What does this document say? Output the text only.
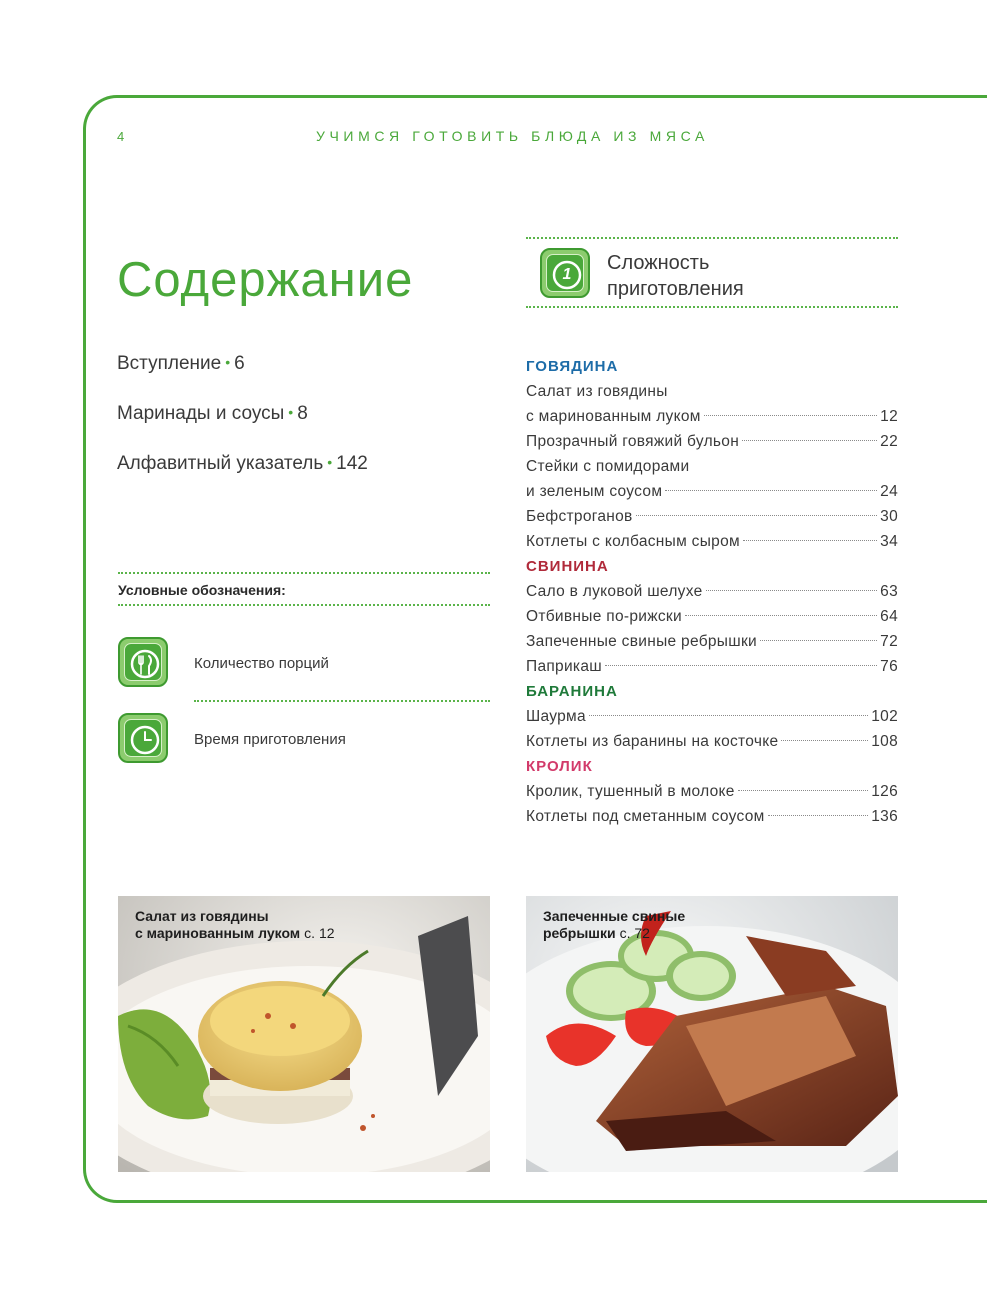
4	УЧИМСЯ ГОТОВИТЬ БЛЮДА ИЗ МЯСА
Содержание
Вступление • 6
Маринады и соусы • 8
Алфавитный указатель • 142
Условные обозначения:
Количество порций
Время приготовления
1
Сложность
приготовления
ГОВЯДИНА
Салат из говядины
с маринованным луком	12
Прозрачный говяжий бульон	22
Стейки с помидорами
и зеленым соусом	24
Бефстроганов	30
Котлеты с колбасным сыром	34
СВИНИНА
Сало в луковой шелухе	63
Отбивные по-рижски	64
Запеченные свиные ребрышки	72
Паприкаш	76
БАРАНИНА
Шаурма	102
Котлеты из баранины на косточке	108
КРОЛИК
Кролик, тушенный в молоке	126
Котлеты под сметанным соусом	136
Салат из говядины
с маринованным луком с. 12
Запеченные свиные
ребрышки с. 72
